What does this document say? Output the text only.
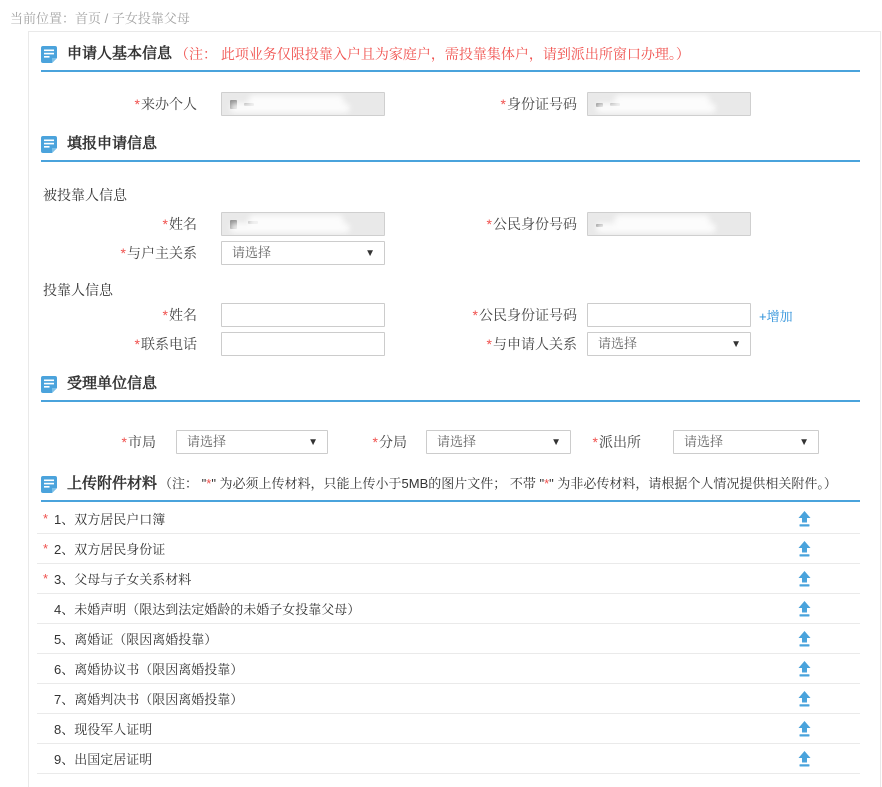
当前位置：首页 / 子女投靠父母
申请人基本信息 （注： 此项业务仅限投靠入户且为家庭户，需投靠集体户，请到派出所窗口办理。）
*来办个人	*身份证号码
填报申请信息
被投靠人信息
*姓名	*公民身份号码
*与户主关系	请选择	▼
投靠人信息
*姓名	*公民身份证号码	+增加
*联系电话	*与申请人关系	请选择	▼
受理单位信息
*市局	请选择	▼	*分局	请选择	▼	*派出所	请选择	▼
上传附件材料 （注： "*" 为必须上传材料，只能上传小于5MB的图片文件； 不带 "*" 为非必传材料，请根据个人情况提供相关附件。）
* 1、双方居民户口簿
* 2、双方居民身份证
* 3、父母与子女关系材料
4、未婚声明（限达到法定婚龄的未婚子女投靠父母）
5、离婚证（限因离婚投靠）
6、离婚协议书（限因离婚投靠）
7、离婚判决书（限因离婚投靠）
8、现役军人证明
9、出国定居证明
